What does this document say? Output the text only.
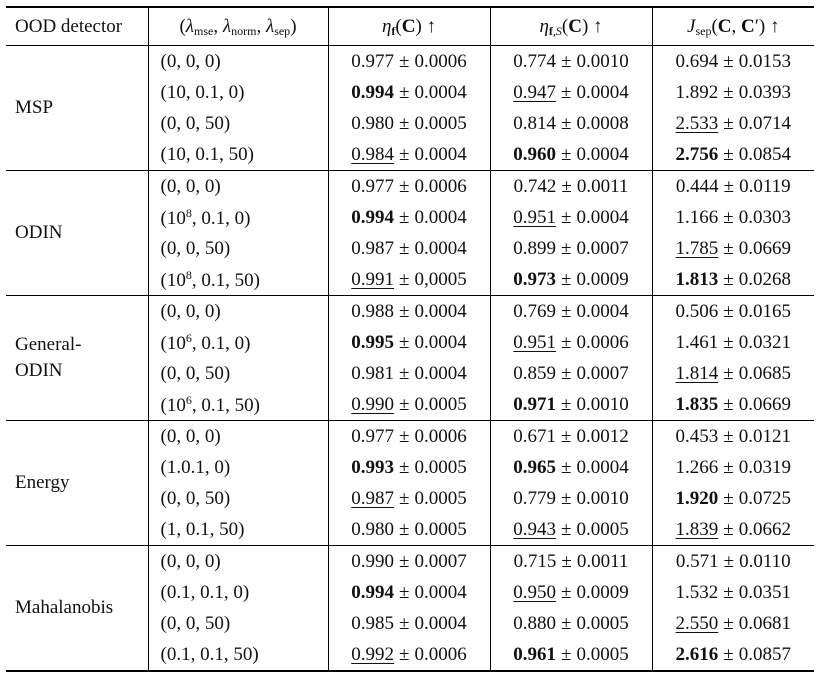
OOD detector	($\lambda_{mse}$, $\lambda_{norm}$, $\lambda_{sep}$)	$\eta_f(C)$ ↑	$\eta_{f,S}(C)$ ↑	$J_{sep}(C$, C′) ↑
MSP	(0, 0, 0)	0.977 ± 0.0006	0.774 ± 0.0010	0.694 ± 0.0153
	(10, 0.1, 0)	0.994 ± 0.0004	0.947 ± 0.0004	1.892 ± 0.0393
	(0, 0, 50)	0.980 ± 0.0005	0.814 ± 0.0008	2.533 ± 0.0714
	(10, 0.1, 50)	0.984 ± 0.0004	0.960 ± 0.0004	2.756 ± 0.0854
ODIN	(0, 0, 0)	0.977 ± 0.0006	0.742 ± 0.0011	0.444 ± 0.0119
	($10^8$, 0.1, 0)	0.994 ± 0.0004	0.951 ± 0.0004	1.166 ± 0.0303
	(0, 0, 50)	0.987 ± 0.0004	0.899 ± 0.0007	1.785 ± 0.0669
	($10^8$, 0.1, 50)	0.991 ± 0,0005	0.973 ± 0.0009	1.813 ± 0.0268
General-
ODIN	(0, 0, 0)	0.988 ± 0.0004	0.769 ± 0.0004	0.506 ± 0.0165
	($10^6$, 0.1, 0)	0.995 ± 0.0004	0.951 ± 0.0006	1.461 ± 0.0321
	(0, 0, 50)	0.981 ± 0.0004	0.859 ± 0.0007	1.814 ± 0.0685
	($10^6$, 0.1, 50)	0.990 ± 0.0005	0.971 ± 0.0010	1.835 ± 0.0669
Energy	(0, 0, 0)	0.977 ± 0.0006	0.671 ± 0.0012	0.453 ± 0.0121
	(1.0.1, 0)	0.993 ± 0.0005	0.965 ± 0.0004	1.266 ± 0.0319
	(0, 0, 50)	0.987 ± 0.0005	0.779 ± 0.0010	1.920 ± 0.0725
	(1, 0.1, 50)	0.980 ± 0.0005	0.943 ± 0.0005	1.839 ± 0.0662
Mahalanobis	(0, 0, 0)	0.990 ± 0.0007	0.715 ± 0.0011	0.571 ± 0.0110
	(0.1, 0.1, 0)	0.994 ± 0.0004	0.950 ± 0.0009	1.532 ± 0.0351
	(0, 0, 50)	0.985 ± 0.0004	0.880 ± 0.0005	2.550 ± 0.0681
	(0.1, 0.1, 50)	0.992 ± 0.0006	0.961 ± 0.0005	2.616 ± 0.0857
